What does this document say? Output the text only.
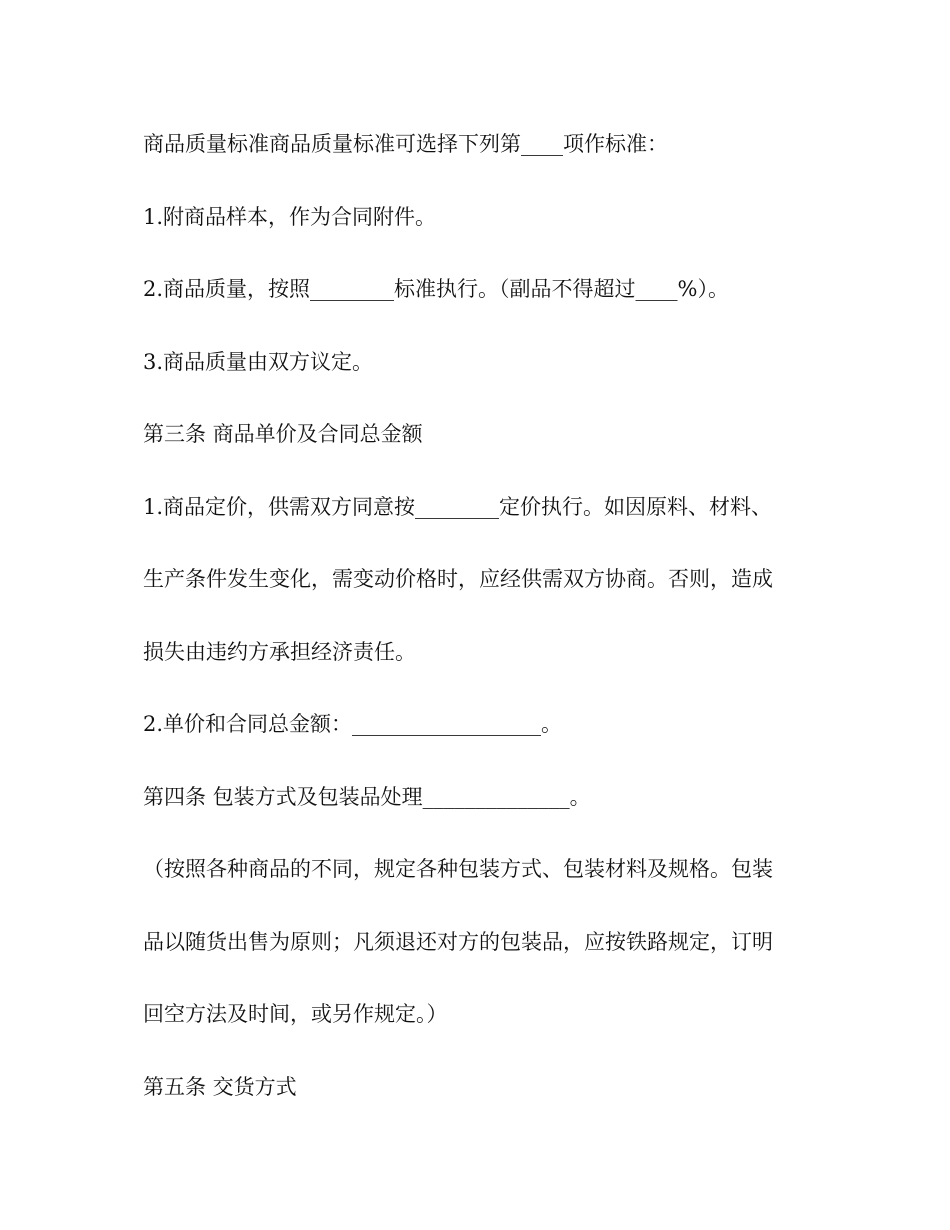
商品质量标准商品质量标准可选择下列第____项作标准：
1.附商品样本，作为合同附件。
2.商品质量，按照________标准执行。（副品不得超过____%）。
3.商品质量由双方议定。
第三条 商品单价及合同总金额
1.商品定价，供需双方同意按________定价执行。如因原料、材料、
生产条件发生变化，需变动价格时，应经供需双方协商。否则，造成
损失由违约方承担经济责任。
2.单价和合同总金额：__________________。
第四条 包装方式及包装品处理______________。
（按照各种商品的不同，规定各种包装方式、包装材料及规格。包装
品以随货出售为原则；凡须退还对方的包装品，应按铁路规定，订明
回空方法及时间，或另作规定。）
第五条 交货方式
